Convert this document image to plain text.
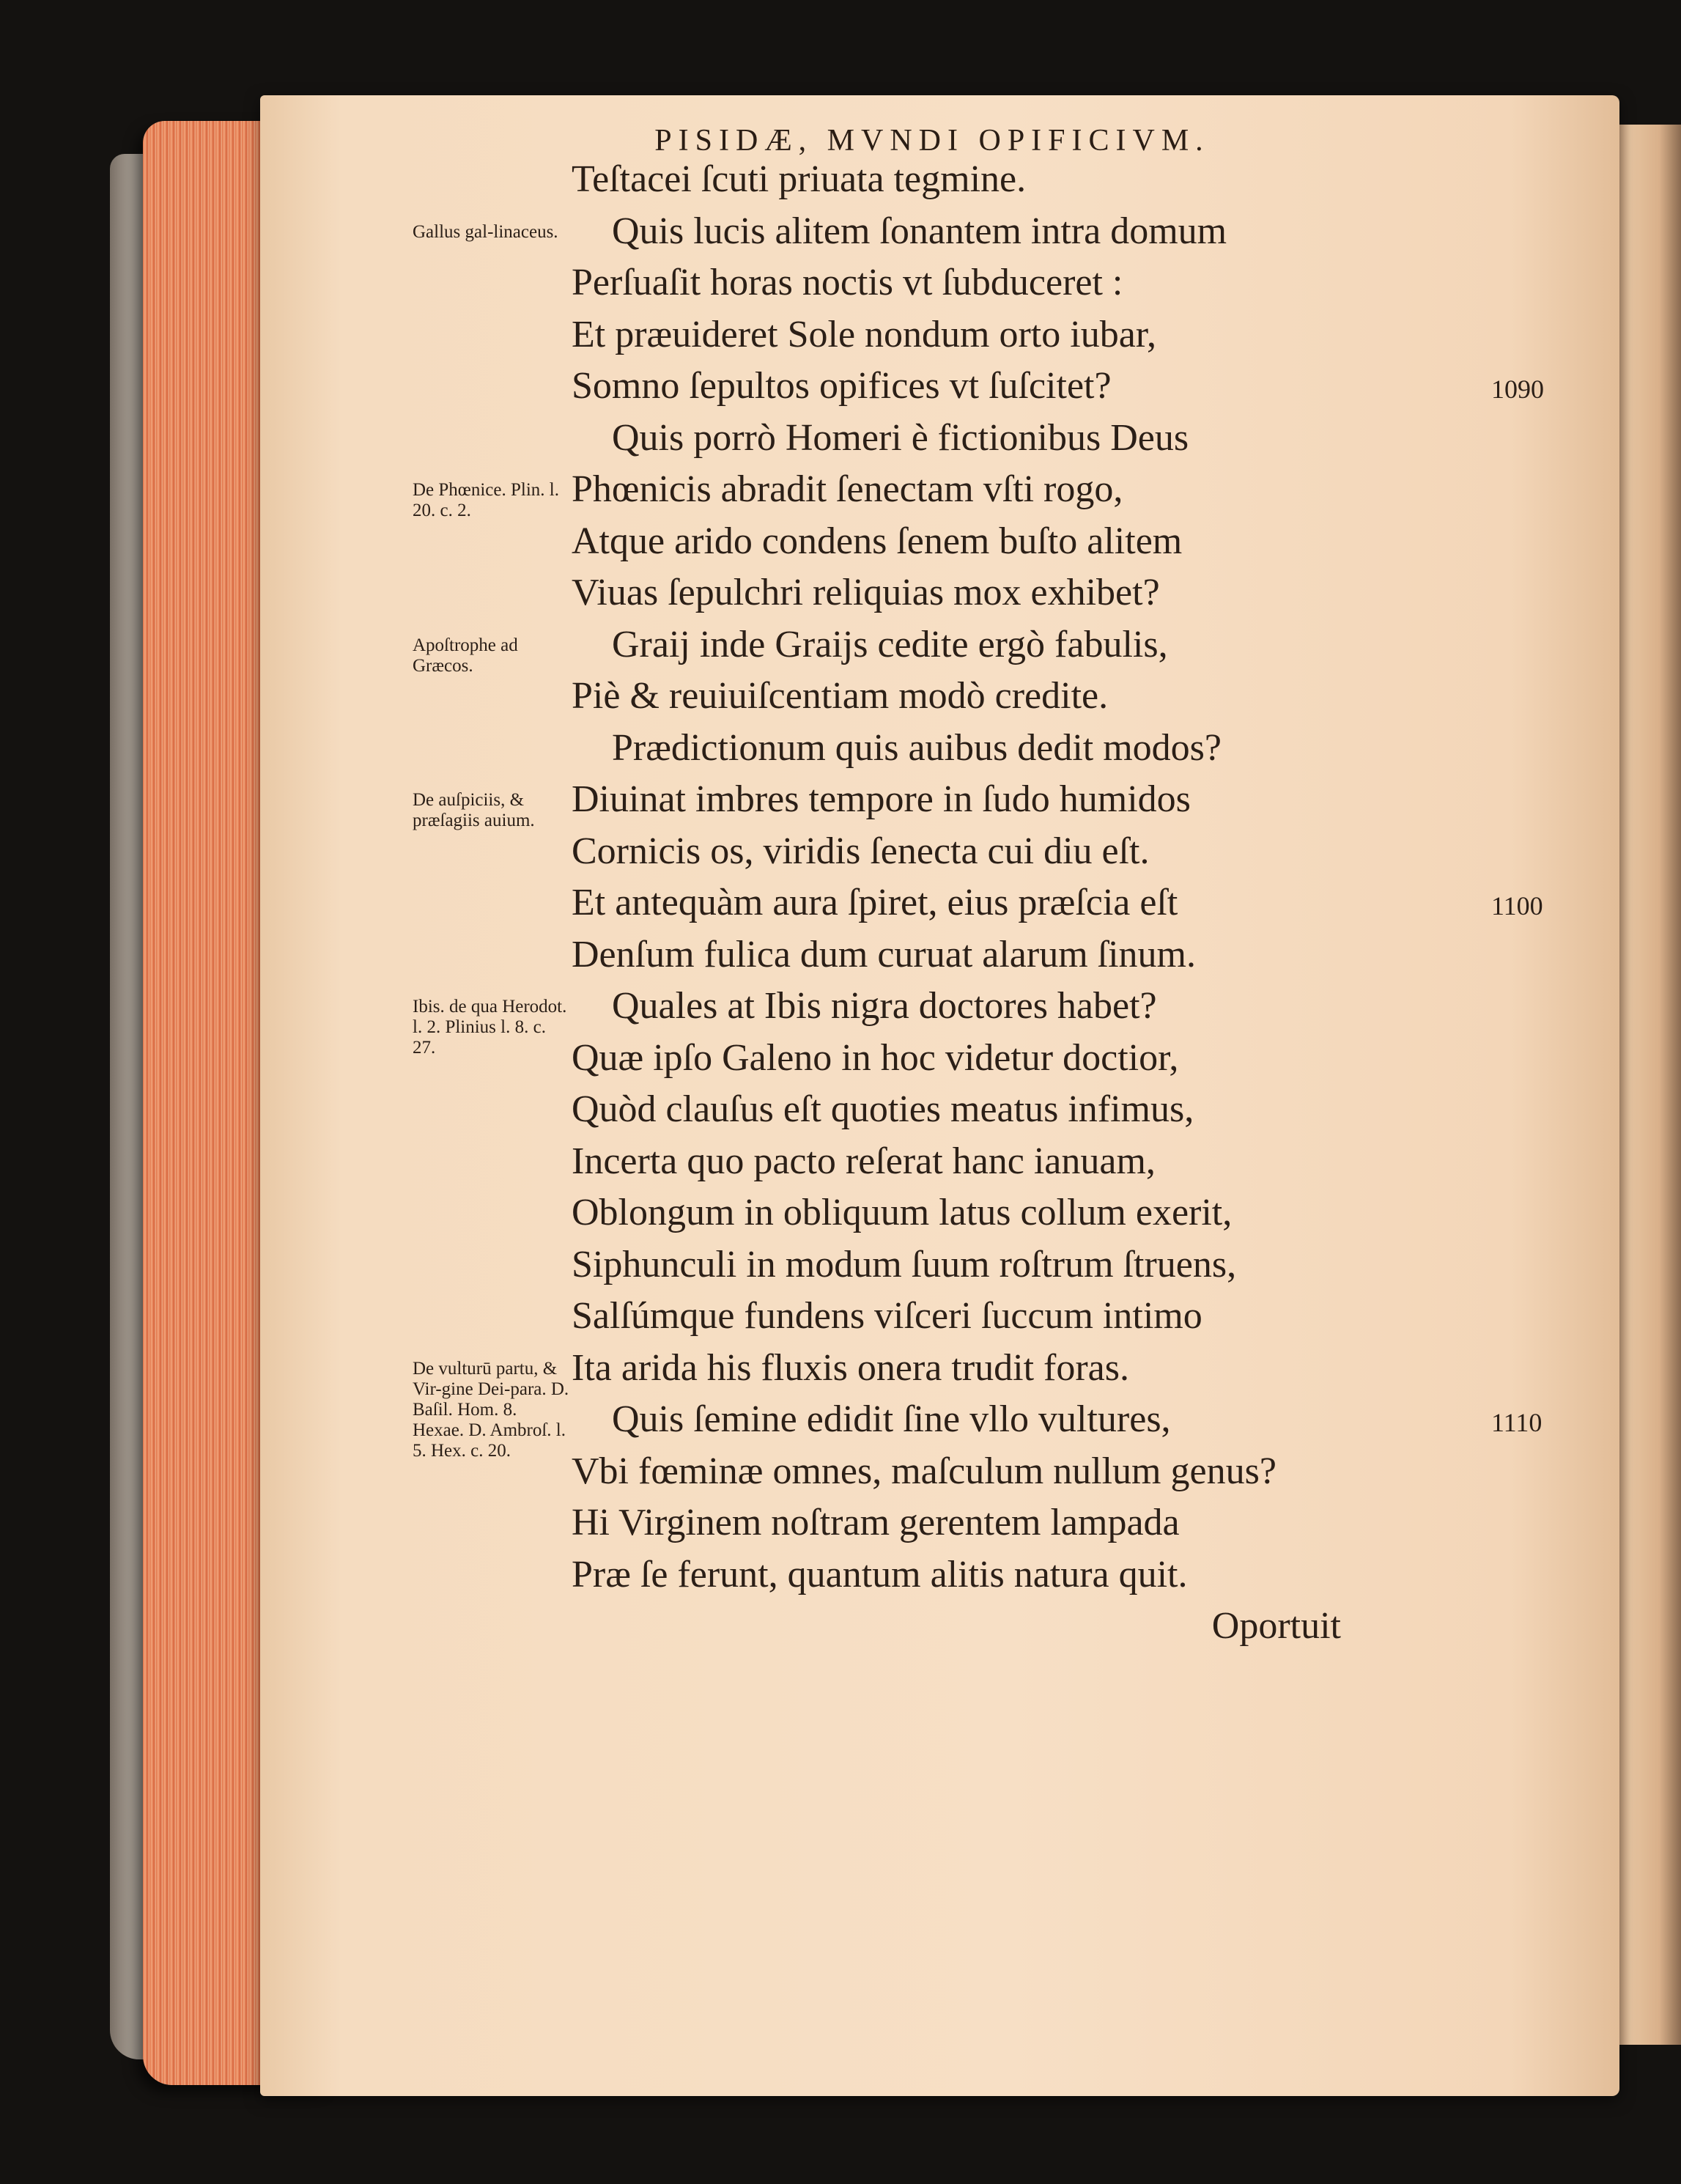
PISIDÆ, MVNDI OPIFICIVM.
Teſtacei ſcuti priuata tegmine.
Quis lucis alitem ſonantem intra domum
Perſuaſit horas noctis vt ſubduceret :
Et præuideret Sole nondum orto iubar,
Somno ſepultos opifices vt ſuſcitet?
Quis porrò Homeri è fictionibus Deus
Phœnicis abradit ſenectam vſti rogo,
Atque arido condens ſenem buſto alitem
Viuas ſepulchri reliquias mox exhibet?
Graij inde Graijs cedite ergò fabulis,
Piè & reuiuiſcentiam modò credite.
Prædictionum quis auibus dedit modos?
Diuinat imbres tempore in ſudo humidos
Cornicis os, viridis ſenecta cui diu eſt.
Et antequàm aura ſpiret, eius præſcia eſt
Denſum fulica dum curuat alarum ſinum.
Quales at Ibis nigra doctores habet?
Quæ ipſo Galeno in hoc videtur doctior,
Quòd clauſus eſt quoties meatus infimus,
Incerta quo pacto reſerat hanc ianuam,
Oblongum in obliquum latus collum exerit,
Siphunculi in modum ſuum roſtrum ſtruens,
Salſúmque fundens viſceri ſuccum intimo
Ita arida his fluxis onera trudit foras.
Quis ſemine edidit ſine vllo vultures,
Vbi fœminæ omnes, maſculum nullum genus?
Hi Virginem noſtram gerentem lampada
Præ ſe ferunt, quantum alitis natura quit.
Oportuit
Gallus gal-linaceus.
De Phœnice. Plin. l. 20. c. 2.
Apoſtrophe ad Græcos.
De auſpiciis, & præſagiis auium.
Ibis. de qua Herodot. l. 2. Plinius l. 8. c. 27.
De vulturū partu, & Vir-gine Dei-para. D. Baſil. Hom. 8. Hexae. D. Ambroſ. l. 5. Hex. c. 20.
1090
1100
1110
